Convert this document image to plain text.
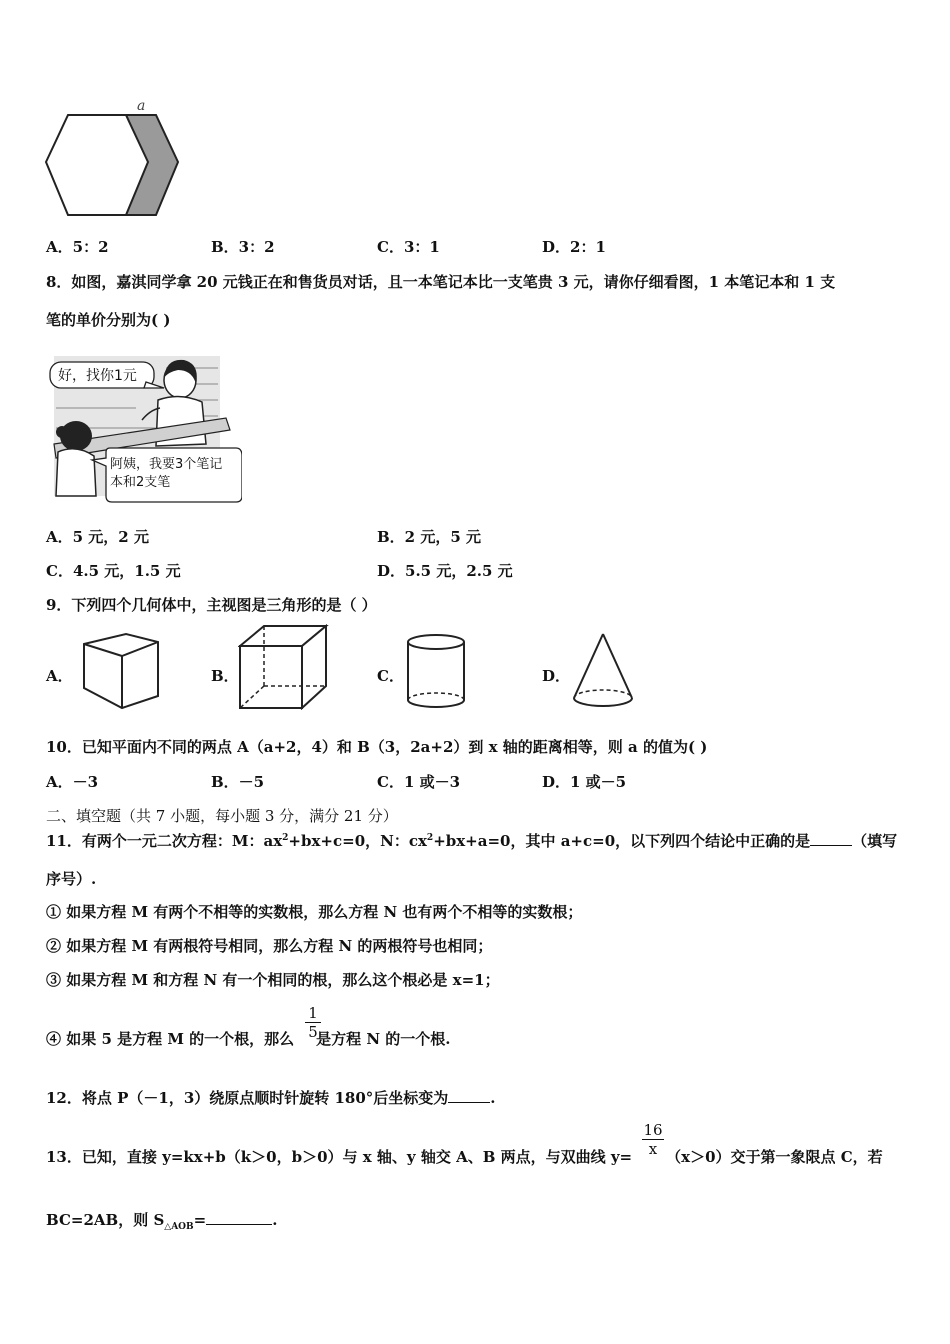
a
A．5：2	B．3：2	C．3：1	D．2：1
8．如图，嘉淇同学拿 20 元钱正在和售货员对话，且一本笔记本比一支笔贵 3 元，请你仔细看图，1 本笔记本和 1 支
笔的单价分别为( )
好，找你1元
阿姨，我要3个笔记
本和2支笔
A．5 元，2 元	B．2 元，5 元
C．4.5 元，1.5 元	D．5.5 元，2.5 元
9．下列四个几何体中，主视图是三角形的是（ ）
A．	B．	C．	D．
10．已知平面内不同的两点 A（a+2，4）和 B（3，2a+2）到 x 轴的距离相等，则 a 的值为( )
A．－3	B．－5	C．1 或－3	D．1 或－5
二、填空题（共 7 小题，每小题 3 分，满分 21 分）
11．有两个一元二次方程：M：$ax^2+bx+c=0$，N：$cx^2+bx+a=0$，其中 a+c=0，以下列四个结论中正确的是	（填写
序号）.
① 如果方程 M 有两个不相等的实数根，那么方程 N 也有两个不相等的实数根；
② 如果方程 M 有两根符号相同，那么方程 N 的两根符号也相同；
③ 如果方程 M 和方程 N 有一个相同的根，那么这个根必是 x=1；
④ 如果 5 是方程 M 的一个根，那么 是方程 N 的一个根.
$\frac{1}{5}$
12．将点 P（－1，3）绕原点顺时针旋转 180°后坐标变为	.
13．已知，直接 y=kx+b（k＞0，b＞0）与 x 轴、y 轴交 A、B 两点，与双曲线 y= （x＞0）交于第一象限点 C，若
$\frac{16}{x}$
BC=2AB，则 $S_{\triangle AOB}=$	.
